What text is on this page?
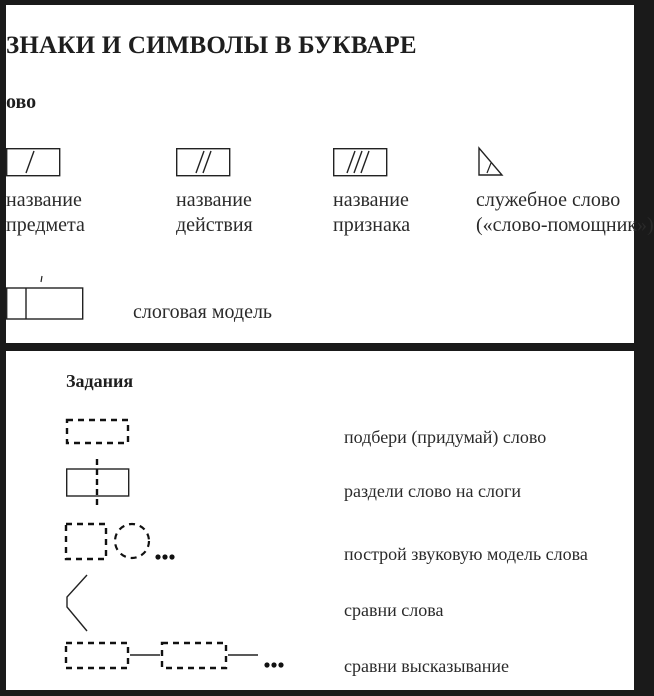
ЗНАКИ И СИМВОЛЫ В БУКВАРЕ
ово
название
предмета
название
действия
название
признака
служебное слово
(«слово-помощник»)
слоговая модель
Задания
подбери (придумай) слово
раздели слово на слоги
построй звуковую модель слова
сравни слова
сравни высказывание
